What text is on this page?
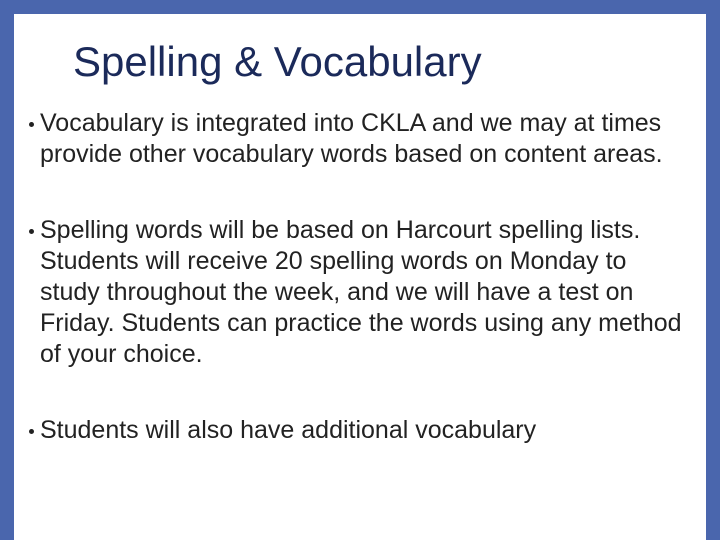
Spelling & Vocabulary
Vocabulary is integrated into CKLA and we may at times provide other vocabulary words based on content areas.
Spelling words will be based on Harcourt spelling lists. Students will receive 20 spelling words on Monday to study throughout the week, and we will have a test on Friday. Students can practice the words using any method of your choice.
Students will also have additional vocabulary
